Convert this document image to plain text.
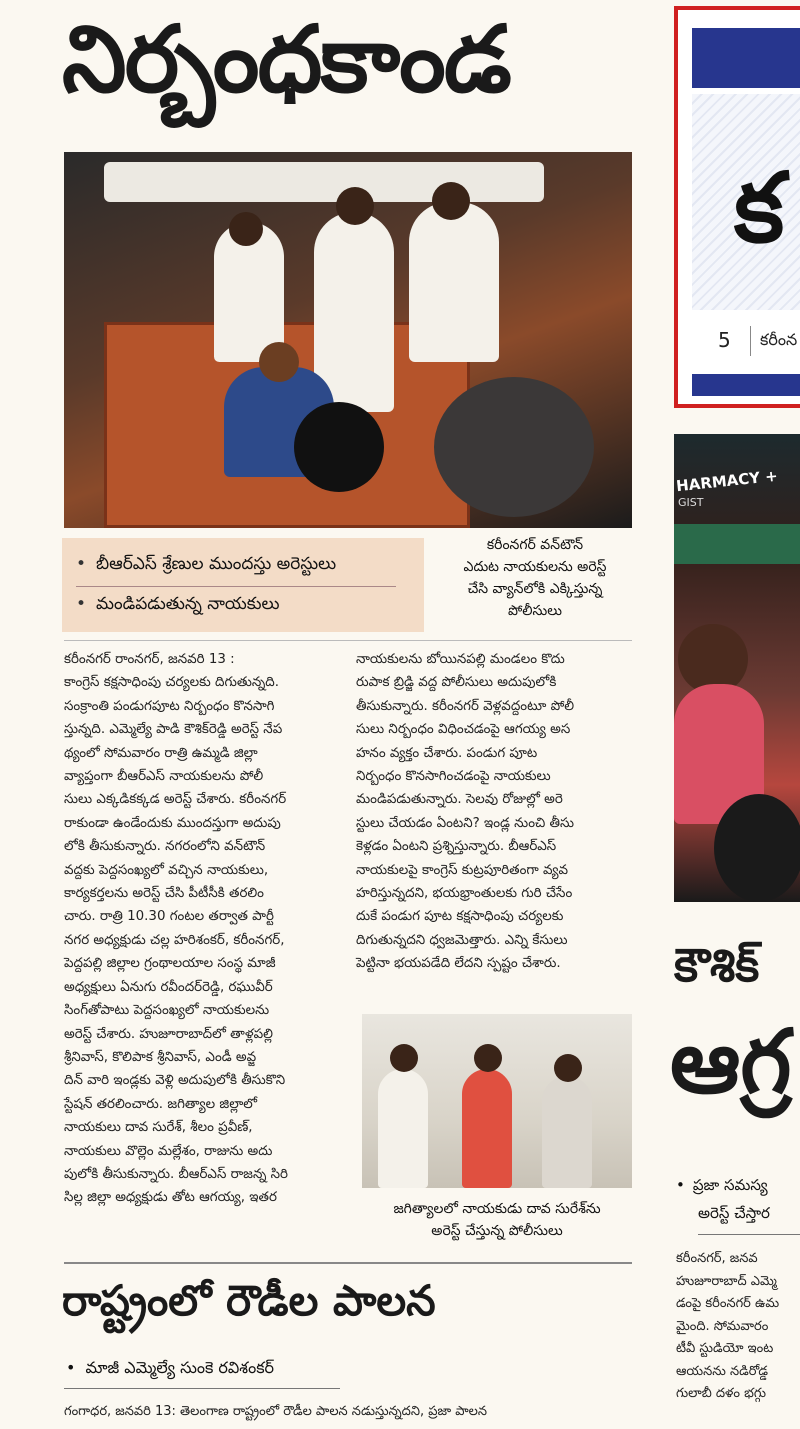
నిర్బంధకాండ
• బీఆర్ఎస్ శ్రేణుల ముందస్తు అరెస్టులు
• మండిపడుతున్న నాయకులు
కరీంనగర్ వన్‌టౌన్
ఎదుట నాయకులను అరెస్ట్
చేసి వ్యాన్‌లోకి ఎక్కిస్తున్న
పోలీసులు
కరీంనగర్ రాంనగర్, జనవరి 13 :
కాంగ్రెస్ కక్షసాధింపు చర్యలకు దిగుతున్నది.
సంక్రాంతి పండుగపూట నిర్బంధం కొనసాగి
స్తున్నది. ఎమ్మెల్యే పాడి కౌశిక్‌రెడ్డి అరెస్ట్ నేప
థ్యంలో సోమవారం రాత్రి ఉమ్మడి జిల్లా
వ్యాప్తంగా బీఆర్ఎస్ నాయకులను పోలీ
సులు ఎక్కడికక్కడ అరెస్ట్ చేశారు. కరీంనగర్
రాకుండా ఉండేందుకు ముందస్తుగా అదుపు
లోకి తీసుకున్నారు. నగరంలోని వన్‌టౌన్
వద్దకు పెద్దసంఖ్యలో వచ్చిన నాయకులు,
కార్యకర్తలను అరెస్ట్ చేసి పీటీసీకి తరలిం
చారు. రాత్రి 10.30 గంటల తర్వాత పార్టీ
నగర అధ్యక్షుడు చల్ల హరిశంకర్, కరీంనగర్,
పెద్దపల్లి జిల్లాల గ్రంథాలయాల సంస్థ మాజీ
అధ్యక్షులు ఏనుగు రవీందర్‌రెడ్డి, రఘువీర్
సింగ్‌తోపాటు పెద్దసంఖ్యలో నాయకులను
అరెస్ట్ చేశారు. హుజూరాబాద్‌లో తాళ్లపల్లి
శ్రీనివాస్, కొలిపాక శ్రీనివాస్, ఎండీ అవ్జ
దిన్ వారి ఇండ్లకు వెళ్లి అదుపులోకి తీసుకొని
స్టేషన్ తరలించారు. జగిత్యాల జిల్లాలో
నాయకులు దావ సురేశ్, శీలం ప్రవీణ్,
నాయకులు వొల్లెం మల్లేశం, రాజును అదు
పులోకి తీసుకున్నారు. బీఆర్ఎస్ రాజన్న సిరి
సిల్ల జిల్లా అధ్యక్షుడు తోట ఆగయ్య, ఇతర
నాయకులను బోయినపల్లి మండలం కొదు
రుపాక బ్రిడ్జి వద్ద పోలీసులు అదుపులోకి
తీసుకున్నారు. కరీంనగర్ వెళ్లవద్దంటూ పోలీ
సులు నిర్బంధం విధించడంపై ఆగయ్య అస
హనం వ్యక్తం చేశారు. పండుగ పూట
నిర్బంధం కొనసాగించడంపై నాయకులు
మండిపడుతున్నారు. సెలవు రోజుల్లో అరె
స్టులు చేయడం ఏంటని? ఇండ్ల నుంచి తీసు
కెళ్లడం ఏంటని ప్రశ్నిస్తున్నారు. బీఆర్ఎస్
నాయకులపై కాంగ్రెస్ కుట్రపూరితంగా వ్యవ
హరిస్తున్నదని, భయభ్రాంతులకు గురి చేసేం
దుకే పండుగ పూట కక్షసాధింపు చర్యలకు
దిగుతున్నదని ధ్వజమెత్తారు. ఎన్ని కేసులు
పెట్టినా భయపడేది లేదని స్పష్టం చేశారు.
జగిత్యాలలో నాయకుడు దావ సురేశ్‌ను
అరెస్ట్ చేస్తున్న పోలీసులు
రాష్ట్రంలో రౌడీల పాలన
• మాజీ ఎమ్మెల్యే సుంకె రవిశంకర్
గంగాధర, జనవరి 13: తెలంగాణ రాష్ట్రంలో రౌడీల పాలన నడుస్తున్నదని, ప్రజా పాలన
క
5 కరీంన
HARMACY +
GIST
కౌశిక్
ఆగ్ర
• ప్రజా సమస్య
అరెస్ట్ చేస్తార
కరీంనగర్, జనవ
హుజూరాబాద్ ఎమ్మె
డంపై కరీంనగర్ ఉమ
మైంది. సోమవారం
టీవీ స్టుడియో ఇంట
ఆయనను నడిరోడ్డ
గులాబీ దళం భగ్గు
